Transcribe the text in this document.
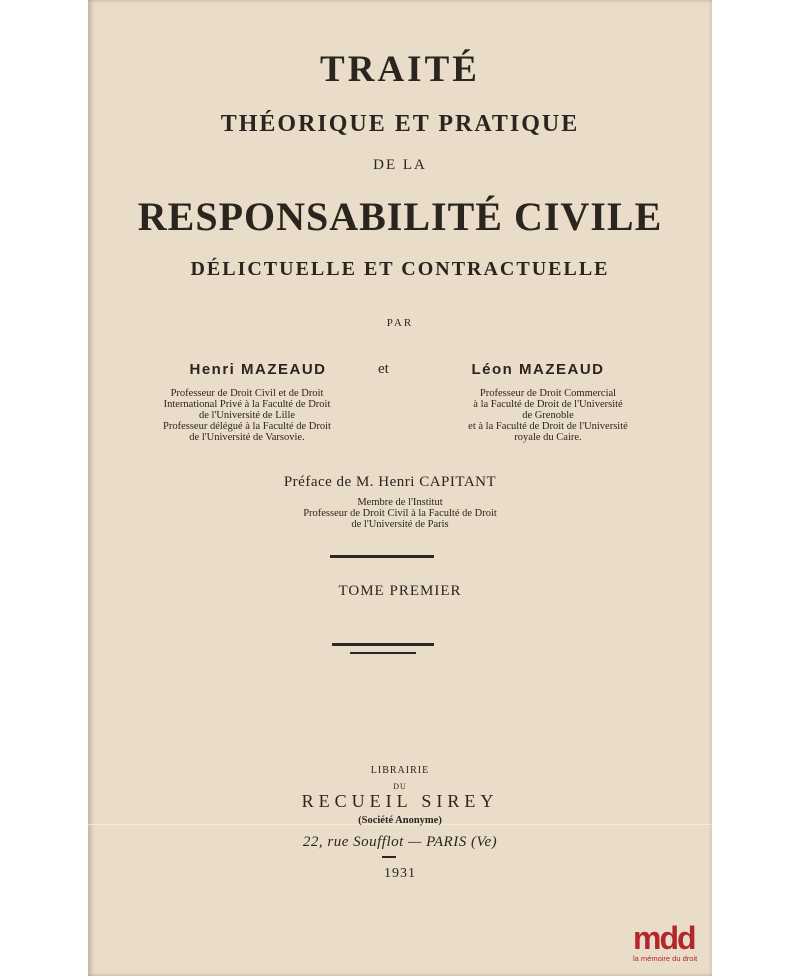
TRAITÉ
THÉORIQUE ET PRATIQUE
DE LA
RESPONSABILITÉ CIVILE
DÉLICTUELLE ET CONTRACTUELLE
PAR
Henri MAZEAUD	et	Léon MAZEAUD
Professeur de Droit Civil et de Droit
International Privé à la Faculté de Droit
de l'Université de Lille
Professeur délégué à la Faculté de Droit
de l'Université de Varsovie.
Professeur de Droit Commercial
à la Faculté de Droit de l'Université
de Grenoble
et à la Faculté de Droit de l'Université
royale du Caire.
Préface de M. Henri CAPITANT
Membre de l'Institut
Professeur de Droit Civil à la Faculté de Droit
de l'Université de Paris
TOME PREMIER
LIBRAIRIE
DU
RECUEIL SIREY
(Société Anonyme)
22, rue Soufflot — PARIS (Ve)
1931
mdd
la mémoire du droit
